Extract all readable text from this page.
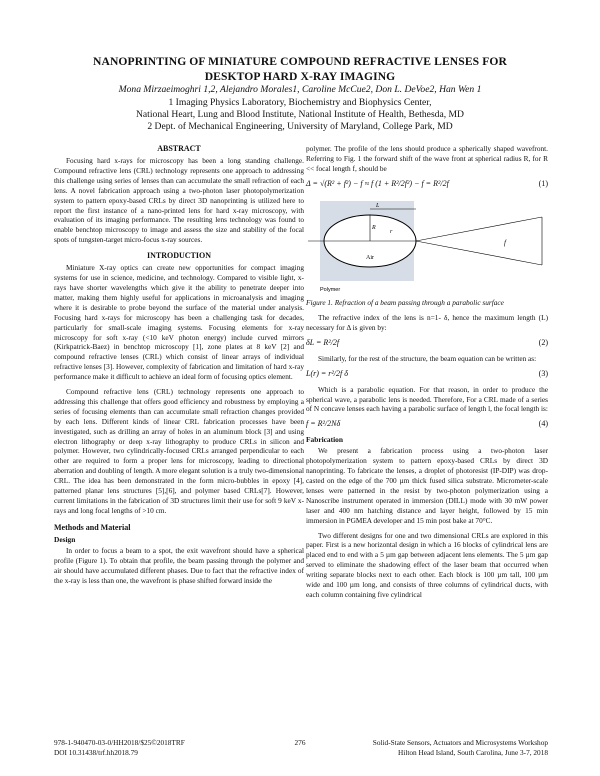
NANOPRINTING OF MINIATURE COMPOUND REFRACTIVE LENSES FOR
DESKTOP HARD X-RAY IMAGING
Mona Mirzaeimoghri 1,2, Alejandro Morales1, Caroline McCue2, Don L. DeVoe2, Han Wen 1
1 Imaging Physics Laboratory, Biochemistry and Biophysics Center,
National Heart, Lung and Blood Institute, National Institute of Health, Bethesda, MD
2 Dept. of Mechanical Engineering, University of Maryland, College Park, MD
ABSTRACT

Focusing hard x-rays for microscopy has been a long standing challenge. Compound refractive lens (CRL) technology represents one approach to addressing this challenge using series of lenses than can accumulate the small refraction of each lens. A novel fabrication approach using a two-photon laser photopolymerization system to pattern epoxy-based CRLs by direct 3D nanoprinting is utilized here to report the first instance of a nano-printed lens for hard x-ray microscopy, with evaluation of its imaging performance. The resulting lens technology was found to enable benchtop microscopy to image and assess the size and stability of the focal spots of tungsten-target micro-focus x-ray sources.

INTRODUCTION

Miniature X-ray optics can create new opportunities for compact imaging systems for use in science, medicine, and technology. Compared to visible light, x-rays have shorter wavelengths which give it the ability to penetrate deeper into matter, making them highly useful for applications in microanalysis and imaging where it is desirable to probe beyond the surface of the material under analysis. Focusing hard x-rays for microscopy has been a challenging task for decades, particularly for small-scale imaging systems. Focusing elements for x-ray microscopy for soft x-ray (<10 keV photon energy) include curved mirrors (Kirkpatrick-Baez) in benchtop microscopy [1], zone plates at 8 keV [2] and compound refractive lenses (CRL) which consist of linear arrays of individual refractive lenses [3]. However, complexity of fabrication and limitation of hard x-ray performance make it difficult to achieve an ideal form of focusing optics element.

Compound refractive lens (CRL) technology represents one approach to addressing this challenge that offers good efficiency and robustness by employing a series of focusing elements than can accumulate small refraction changes provided by each lens. Different kinds of linear CRL fabrication processes have been investigated, such as drilling an array of holes in an aluminum block [3] and using electron lithography or deep x-ray lithography to produce CRLs in silicon and polymer. However, two cylindrically-focused CRLs arranged perpendicular to each other are required to form a proper lens for microscopy, leading to directional aberration and doubling of length. A more elegant solution is a truly two-dimensional CRL. The idea has been demonstrated in the form micro-bubbles in epoxy [4], patterned planar lens structures [5],[6], and polymer based CRLs[7]. However, current limitations in the fabrication of 3D structures limit their use for soft 9 keV x-rays and long focal lengths of >10 cm.

Methods and Material
Design

In order to focus a beam to a spot, the exit wavefront should have a spherical profile (Figure 1). To obtain that profile, the beam passing through the polymer and air should have accumulated different phases. Due to fact that the refractive index of the x-ray is less than one, the wavefront is phase shifted forward inside the

polymer. The profile of the lens should produce a spherically shaped wavefront. Referring to Fig. 1 the forward shift of the wave front at spherical radius R, for R << focal length f, should be

Δ = √(R² + f²) − f ≈ f (1 + R²/2f²) − f = R²/2f	(1)
L
r
R
Air
f
Polymer

Figure 1. Refraction of a beam passing through a parabolic surface

The refractive index of the lens is n=1- δ, hence the maximum length (L) necessary for Δ is given by:

δL = R²/2f	(2)

Similarly, for the rest of the structure, the beam equation can be written as:

L(r) = r²/2f δ	(3)

Which is a parabolic equation. For that reason, in order to produce the spherical wave, a parabolic lens is needed. Therefore, For a CRL made of a series of N concave lenses each having a parabolic surface of length l, the focal length is:

f = R²/2Nδ	(4)
Fabrication

We present a fabrication process using a two-photon laser photopolymerization system to pattern epoxy-based CRLs by direct 3D nanoprinting. To fabricate the lenses, a droplet of photoresist (IP-DIP) was drop-casted on the edge of the 700 µm thick fused silica substrate. Micrometer-scale lenses were patterned in the resist by two-photon polymerization using a Nanoscribe instrument operated in immersion (DILL) mode with 30 mW power laser and 400 nm hatching distance and layer height, followed by 15 min immersion in PGMEA developer and 15 min post bake at 70°C.

Two different designs for one and two dimensional CRLs are explored in this paper. First is a new horizontal design in which a 16 blocks of cylindrical lens are placed end to end with a 5 µm gap between adjacent lens elements. The 5 µm gap served to eliminate the shadowing effect of the laser beam that occurred when writing separate blocks next to each other. Each block is 100 µm tall, 100 µm wide and 100 µm long, and consists of three columns of cylindrical ducts, with each column containing five cylindrical

978-1-940470-03-0/HH2018/$25©2018TRF
DOI 10.31438/trf.hh2018.79
276	Solid-State Sensors, Actuators and Microsystems Workshop
Hilton Head Island, South Carolina, June 3-7, 2018
